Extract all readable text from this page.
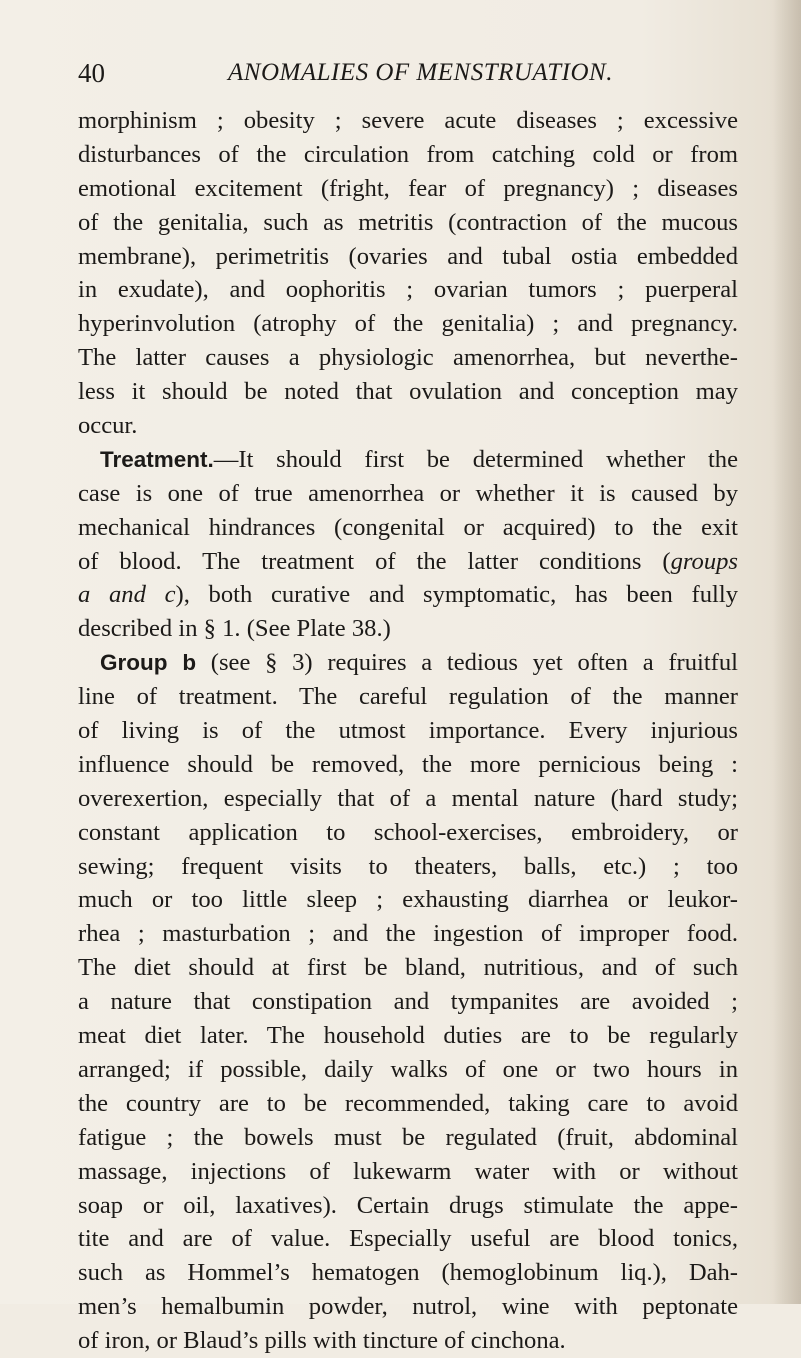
40	ANOMALIES OF MENSTRUATION.
morphinism ; obesity ; severe acute diseases ; excessive
disturbances of the circulation from catching cold or from
emotional excitement (fright, fear of pregnancy) ; diseases
of the genitalia, such as metritis (contraction of the mucous
membrane), perimetritis (ovaries and tubal ostia embedded
in exudate), and oophoritis ; ovarian tumors ; puerperal
hyperinvolution (atrophy of the genitalia) ; and pregnancy.
The latter causes a physiologic amenorrhea, but neverthe-
less it should be noted that ovulation and conception may
occur.
Treatment.—It should first be determined whether the
case is one of true amenorrhea or whether it is caused by
mechanical hindrances (congenital or acquired) to the exit
of blood. The treatment of the latter conditions (groups
a and c), both curative and symptomatic, has been fully
described in § 1. (See Plate 38.)
Group b (see § 3) requires a tedious yet often a fruitful
line of treatment. The careful regulation of the manner
of living is of the utmost importance. Every injurious
influence should be removed, the more pernicious being :
overexertion, especially that of a mental nature (hard study;
constant application to school-exercises, embroidery, or
sewing; frequent visits to theaters, balls, etc.) ; too
much or too little sleep ; exhausting diarrhea or leukor-
rhea ; masturbation ; and the ingestion of improper food.
The diet should at first be bland, nutritious, and of such
a nature that constipation and tympanites are avoided ;
meat diet later. The household duties are to be regularly
arranged; if possible, daily walks of one or two hours in
the country are to be recommended, taking care to avoid
fatigue ; the bowels must be regulated (fruit, abdominal
massage, injections of lukewarm water with or without
soap or oil, laxatives). Certain drugs stimulate the appe-
tite and are of value. Especially useful are blood tonics,
such as Hommel’s hematogen (hemoglobinum liq.), Dah-
men’s hemalbumin powder, nutrol, wine with peptonate
of iron, or Blaud’s pills with tincture of cinchona.
